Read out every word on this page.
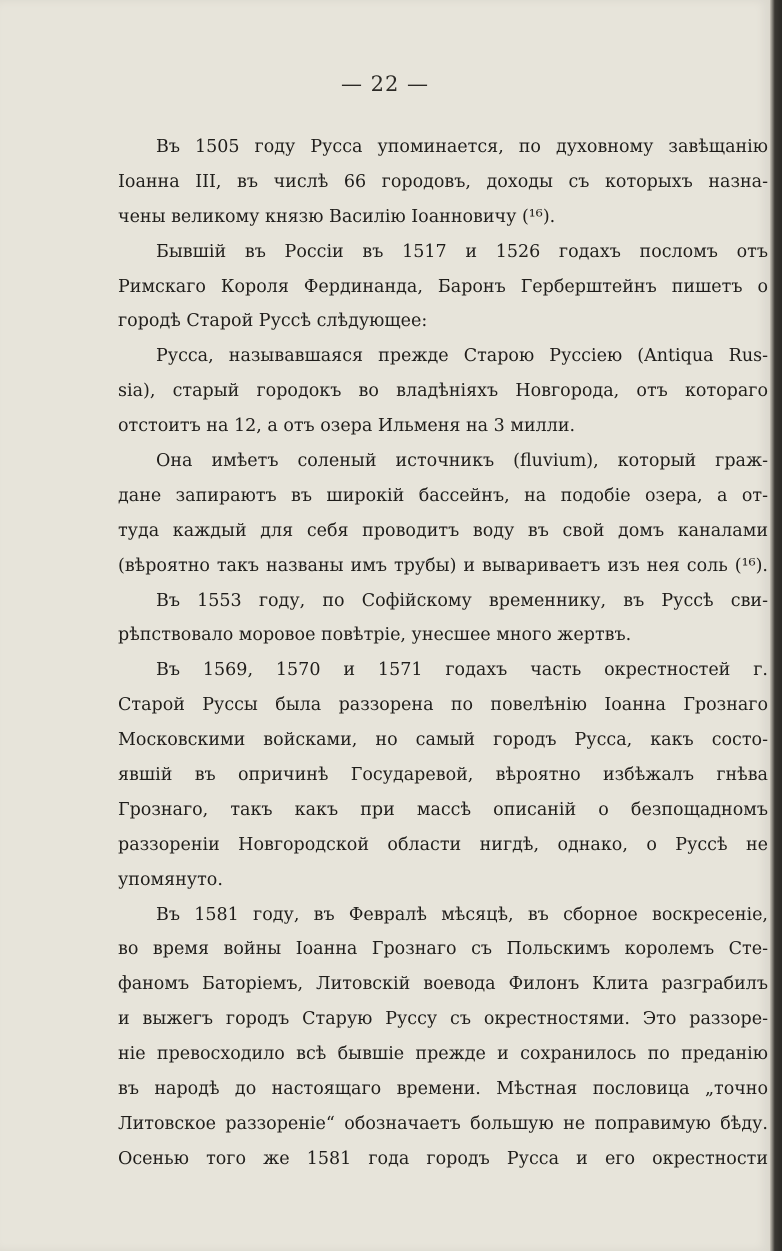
— 22 —
Въ 1505 году Русса упоминается, по духовному завѣщанію
Іоанна III, въ числѣ 66 городовъ, доходы съ которыхъ назна-
чены великому князю Василію Іоанновичу (¹⁶).
Бывшій въ Россіи въ 1517 и 1526 годахъ посломъ отъ
Римскаго Короля Фердинанда, Баронъ Герберштейнъ пишетъ о
городѣ Старой Руссѣ слѣдующее:
Русса, называвшаяся прежде Старою Руссіею (Antiqua Rus-
sia), старый городокъ во владѣніяхъ Новгорода, отъ котораго
отстоитъ на 12, а отъ озера Ильменя на 3 милли.
Она имѣетъ соленый источникъ (fluvium), который граж-
дане запираютъ въ широкій бассейнъ, на подобіе озера, а от-
туда каждый для себя проводитъ воду въ свой домъ каналами
(вѣроятно такъ названы имъ трубы) и вывариваетъ изъ нея соль (¹⁶).
Въ 1553 году, по Софійскому временнику, въ Руссѣ сви-
рѣпствовало моровое повѣтріе, унесшее много жертвъ.
Въ 1569, 1570 и 1571 годахъ часть окрестностей г.
Старой Руссы была раззорена по повелѣнію Іоанна Грознаго
Московскими войсками, но самый городъ Русса, какъ состо-
явшій въ опричинѣ Государевой, вѣроятно избѣжалъ гнѣва
Грознаго, такъ какъ при массѣ описаній о безпощадномъ
раззореніи Новгородской области нигдѣ, однако, о Руссѣ не
упомянуто.
Въ 1581 году, въ Февралѣ мѣсяцѣ, въ сборное воскресеніе,
во время войны Іоанна Грознаго съ Польскимъ королемъ Сте-
фаномъ Баторіемъ, Литовскій воевода Филонъ Клита разграбилъ
и выжегъ городъ Старую Руссу съ окрестностями. Это раззоре-
ніе превосходило всѣ бывшіе прежде и сохранилось по преданію
въ народѣ до настоящаго времени. Мѣстная пословица „точно
Литовское раззореніе“ обозначаетъ большую не поправимую бѣду.
Осенью того же 1581 года городъ Русса и его окрестности
